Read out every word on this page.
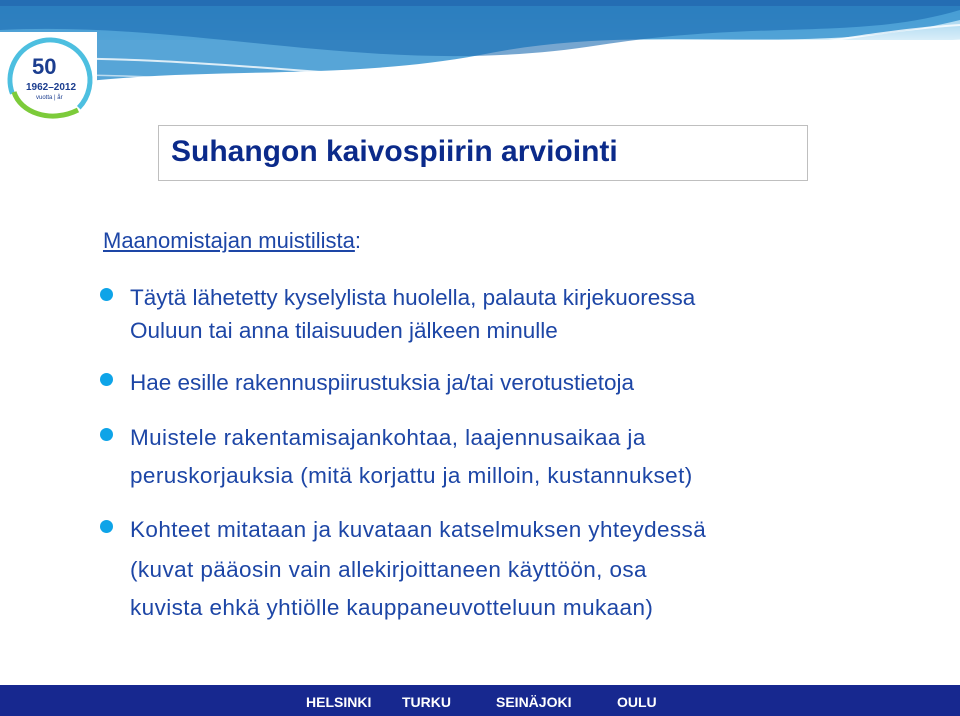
50
1962–2012
vuotta | år
Suhangon kaivospiirin arviointi
Maanomistajan muistilista:
Täytä lähetetty kyselylista huolella, palauta kirjekuoressa
Ouluun tai anna tilaisuuden jälkeen minulle
Hae esille rakennuspiirustuksia ja/tai verotustietoja
Muistele rakentamisajankohtaa, laajennusaikaa ja
peruskorjauksia (mitä korjattu ja milloin, kustannukset)
Kohteet mitataan ja kuvataan katselmuksen yhteydessä
(kuvat pääosin vain allekirjoittaneen käyttöön, osa
kuvista ehkä yhtiölle kauppaneuvotteluun mukaan)
HELSINKI TURKU	SEINÄJOKI	OULU
